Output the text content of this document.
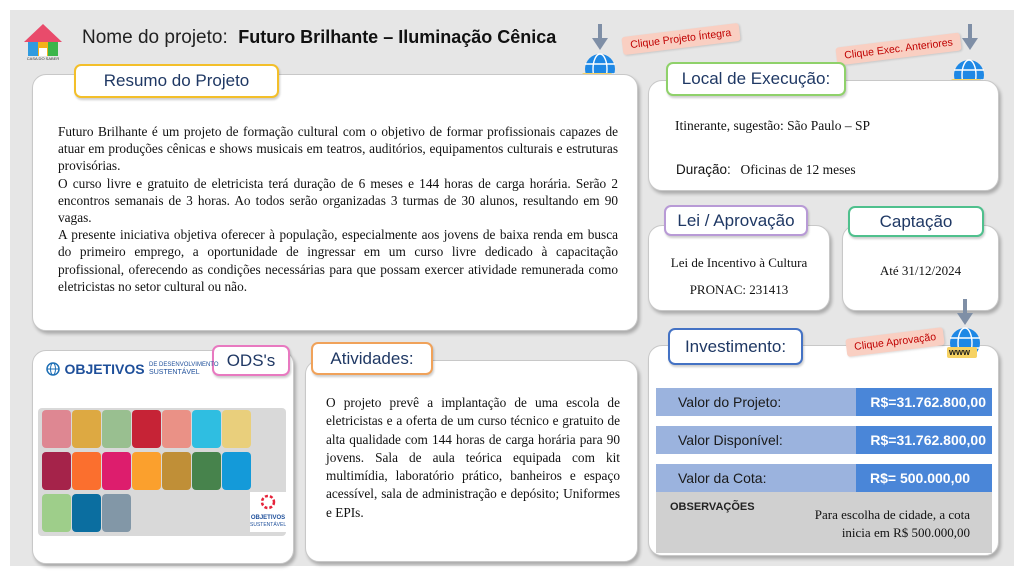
CASA DO SABER
Nome do projeto: Futuro Brilhante – Iluminação Cênica	Clique Projeto Íntegra	Clique Exec. Anteriores
Resumo do Projeto

Futuro Brilhante é um projeto de formação cultural com o objetivo de formar profissionais capazes de atuar em produções cênicas e shows musicais em teatros, auditórios, equipamentos culturais e estruturas provisórias.

O curso livre e gratuito de eletricista terá duração de 6 meses e 144 horas de carga horária. Serão 2 encontros semanais de 3 horas. Ao todos serão organizadas 3 turmas de 30 alunos, resultando em 90 vagas.

A presente iniciativa objetiva oferecer à população, especialmente aos jovens de baixa renda em busca do primeiro emprego, a oportunidade de ingressar em um curso livre dedicado à capacitação profissional, oferecendo as condições necessárias para que possam exercer atividade remunerada como eletricistas no setor cultural ou não.

Local de Execução:
Itinerante, sugestão: São Paulo – SP
Duração: Oficinas de 12 meses
Lei / Aprovação
Lei de Incentivo à Cultura
PRONAC: 231413
Captação
Até 31/12/2024
ODS's
OBJETIVOS DE DESENVOLVIMENTO
SUSTENTÁVEL
OBJETIVOS
SUSTENTÁVEL
Atividades:
O projeto prevê a implantação de uma escola de eletricistas e a oferta de um curso técnico e gratuito de alta qualidade com 144 horas de carga horária para 90 jovens. Sala de aula teórica equipada com kit multimídia, laboratório prático, banheiros e espaço acessível, sala de administração e depósito; Uniformes e EPIs.
Investimento:	www
Clique Aprovação
Valor do Projeto:	R$=31.762.800,00
Valor Disponível:	R$=31.762.800,00
Valor da Cota:	R$= 500.000,00
OBSERVAÇÕES	Para escolha de cidade, a cota
inicia em R$ 500.000,00
